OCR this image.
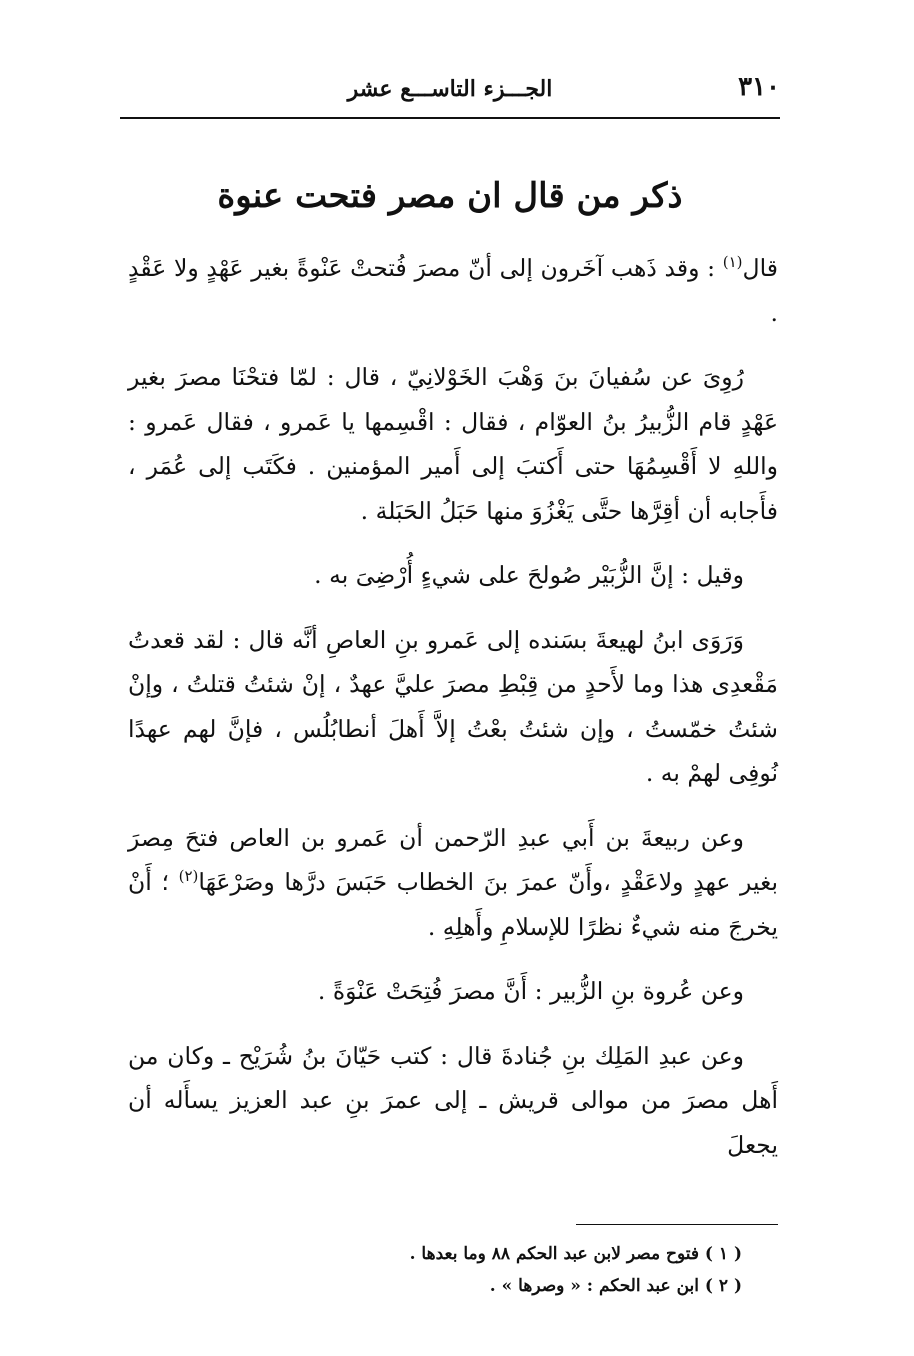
٣١٠
الجـــزء التاســـع عشر
ذكر من قال ان مصر فتحت عنوة

قال$^{(١)}$ : وقد ذَهب آخَرون إلى أنّ مصرَ فُتحتْ عَنْوةً بغير عَهْدٍ ولا عَقْدٍ .

رُوِىَ عن سُفيانَ بنَ وَهْبَ الخَوْلانِيّ ، قال : لمّا فتحْنَا مصرَ بغير عَهْدٍ قام الزُّبيرُ بنُ العوّام ، فقال : اقْسِمها يا عَمرو ، فقال عَمرو : واللهِ لا أَقْسِمُهَا حتى أَكتبَ إلى أَمير المؤمنين . فكَتَب إلى عُمَر ، فأَجابه أن أقِرَّها حتَّى يَغْزُوَ منها حَبَلُ الحَبَلة .

وقيل : إنَّ الزُّبَيْر صُولحَ على شيءٍ أُرْضِىَ به .

وَرَوَى ابنُ لهيعةَ بسَنده إلى عَمرو بنِ العاصِ أنَّه قال : لقد قعدتُ مَقْعدِى هذا وما لأَحدٍ من قِبْطِ مصرَ عليَّ عهدٌ ، إنْ شئتُ قتلتُ ، وإنْ شئتُ خمّستُ ، وإن شئتُ بعْتُ إلاَّ أَهلَ أنطابُلُس ، فإنَّ لهم عهدًا نُوفِى لهمْ به .

وعن ربيعةَ بن أَبي عبدِ الرّحمن أن عَمرو بن العاص فتحَ مِصرَ بغير عهدٍ ولاعَقْدٍ ،وأَنّ عمرَ بنَ الخطاب حَبَسَ درَّها وصَرْعَهَا$^{(٢)}$ ؛ أَنْ يخرجَ منه شيءٌ نظرًا للإسلامِ وأَهلِهِ .

وعن عُروة بنِ الزُّبير : أَنَّ مصرَ فُتِحَتْ عَنْوَةً .

وعن عبدِ المَلِك بنِ جُنادةَ قال : كتب حَيّانَ بنُ شُرَيْح ـ وكان من أَهل مصرَ من موالى قريش ـ إلى عمرَ بنِ عبد العزيز يسأَله أن يجعلَ

( ١ ) فتوح مصر لابن عبد الحكم ٨٨ وما بعدها .

( ٢ ) ابن عبد الحكم : « وصرها » .
